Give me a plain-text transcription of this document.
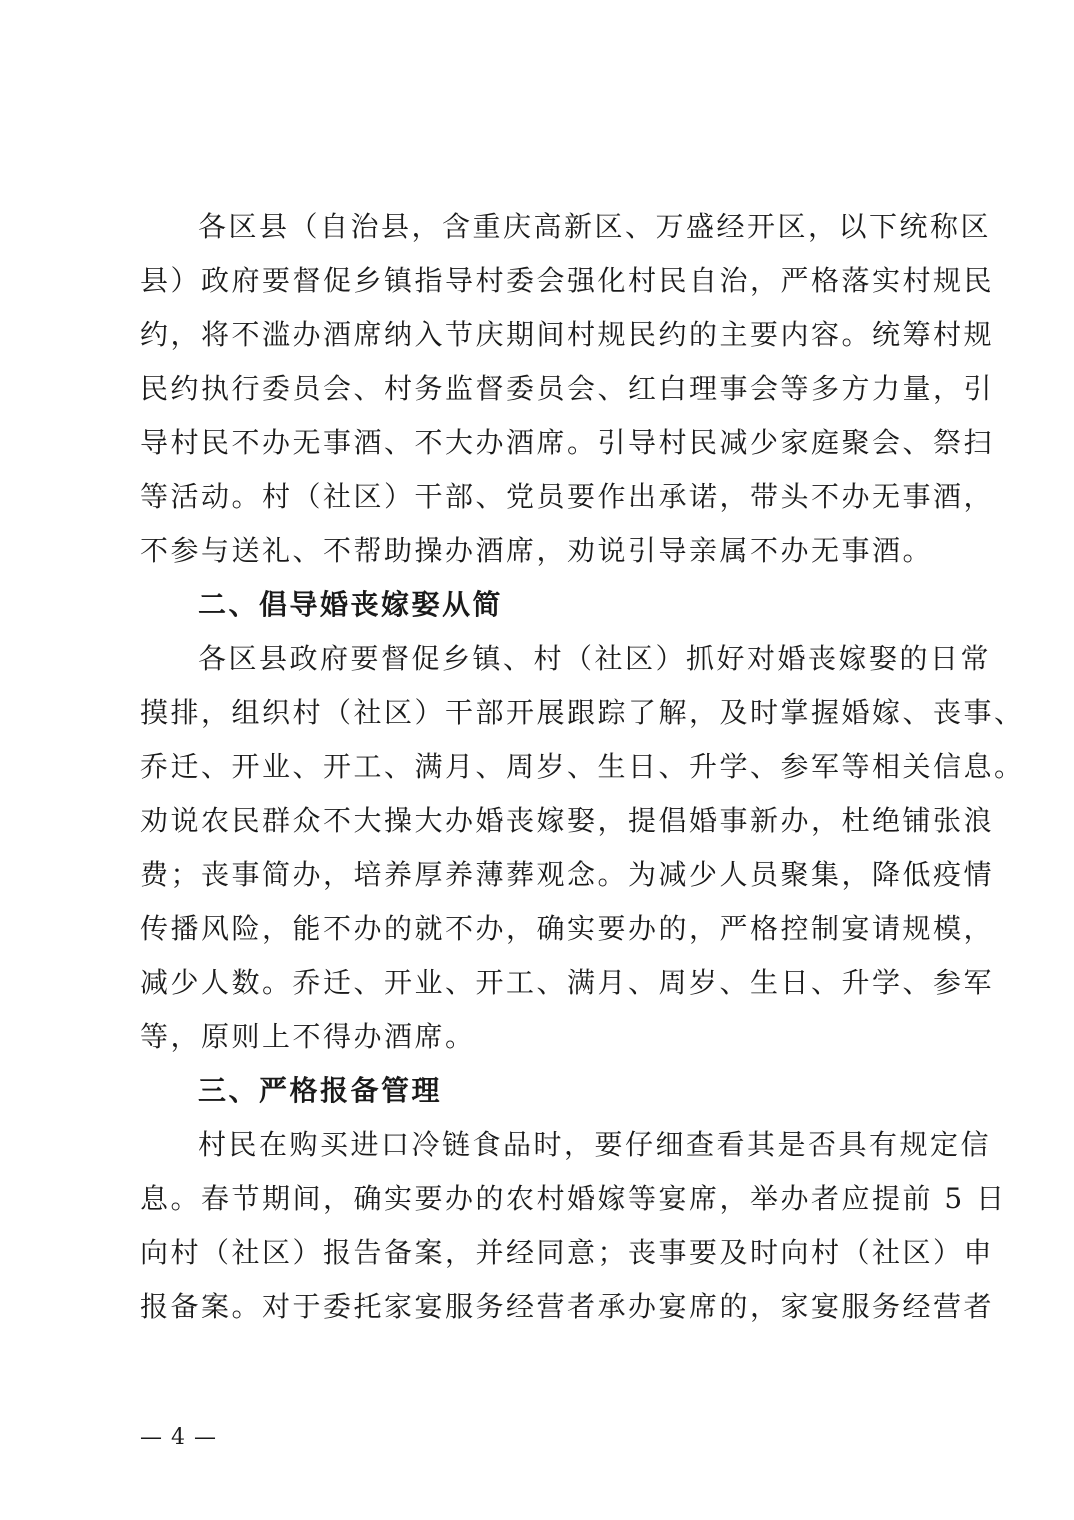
各区县（自治县，含重庆高新区、万盛经开区，以下统称区
县）政府要督促乡镇指导村委会强化村民自治，严格落实村规民
约，将不滥办酒席纳入节庆期间村规民约的主要内容。统筹村规
民约执行委员会、村务监督委员会、红白理事会等多方力量，引
导村民不办无事酒、不大办酒席。引导村民减少家庭聚会、祭扫
等活动。村（社区）干部、党员要作出承诺，带头不办无事酒，
不参与送礼、不帮助操办酒席，劝说引导亲属不办无事酒。
二、倡导婚丧嫁娶从简
各区县政府要督促乡镇、村（社区）抓好对婚丧嫁娶的日常
摸排，组织村（社区）干部开展跟踪了解，及时掌握婚嫁、丧事、
乔迁、开业、开工、满月、周岁、生日、升学、参军等相关信息。
劝说农民群众不大操大办婚丧嫁娶，提倡婚事新办，杜绝铺张浪
费；丧事简办，培养厚养薄葬观念。为减少人员聚集，降低疫情
传播风险，能不办的就不办，确实要办的，严格控制宴请规模，
减少人数。乔迁、开业、开工、满月、周岁、生日、升学、参军
等，原则上不得办酒席。
三、严格报备管理
村民在购买进口冷链食品时，要仔细查看其是否具有规定信
息。春节期间，确实要办的农村婚嫁等宴席，举办者应提前 5 日
向村（社区）报告备案，并经同意；丧事要及时向村（社区）申
报备案。对于委托家宴服务经营者承办宴席的，家宴服务经营者
— 4 —
